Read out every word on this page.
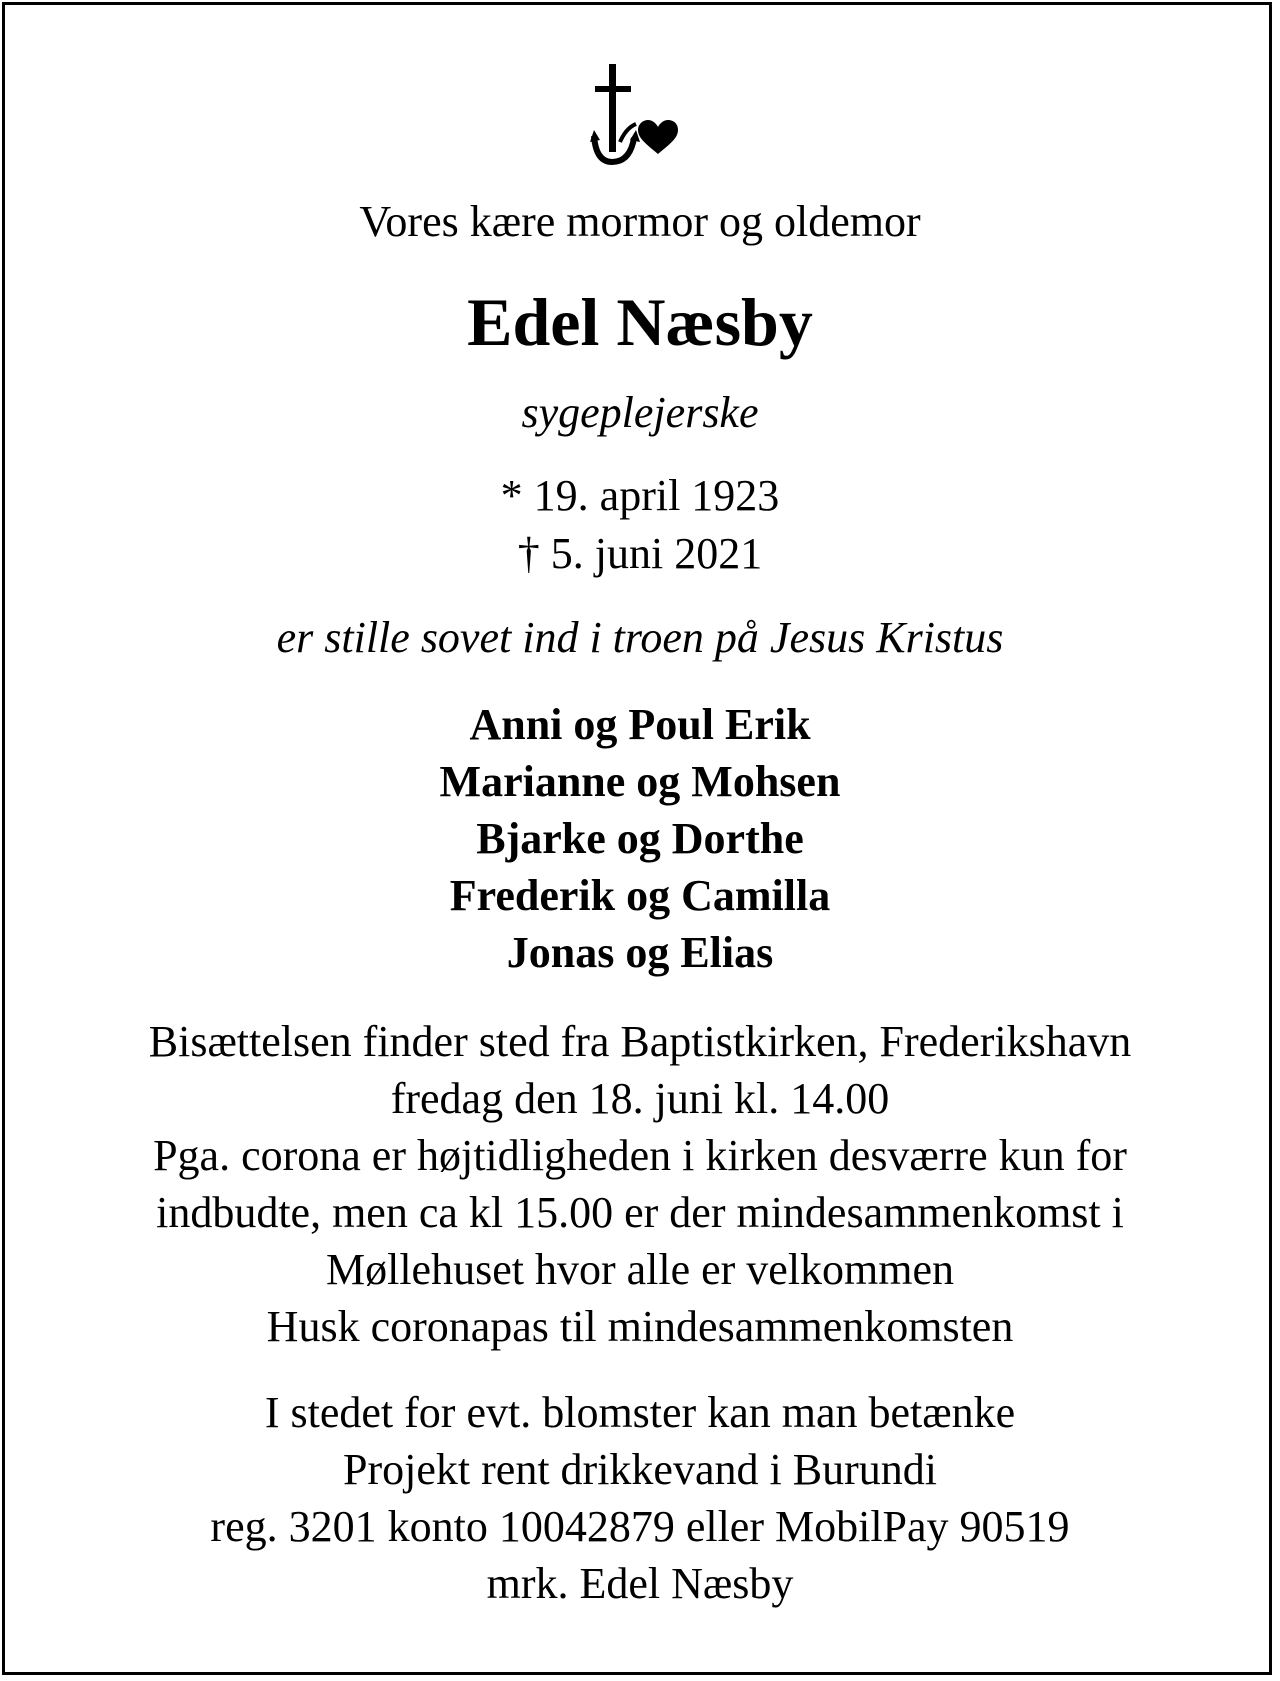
Vores kære mormor og oldemor
Edel Næsby
sygeplejerske
* 19. april 1923
† 5. juni 2021
er stille sovet ind i troen på Jesus Kristus
Anni og Poul Erik
Marianne og Mohsen
Bjarke og Dorthe
Frederik og Camilla
Jonas og Elias
Bisættelsen finder sted fra Baptistkirken, Frederikshavn
fredag den 18. juni kl. 14.00
Pga. corona er højtidligheden i kirken desværre kun for
indbudte, men ca kl 15.00 er der mindesammenkomst i
Møllehuset hvor alle er velkommen
Husk coronapas til mindesammenkomsten
I stedet for evt. blomster kan man betænke
Projekt rent drikkevand i Burundi
reg. 3201 konto 10042879 eller MobilPay 90519
mrk. Edel Næsby
